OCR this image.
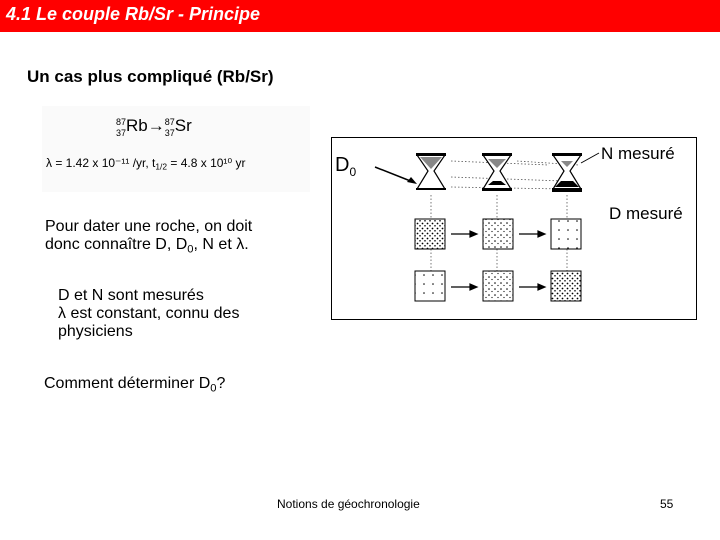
4.1 Le couple Rb/Sr - Principe
Un cas plus compliqué (Rb/Sr)
87
37Rb→87
37Sr
λ = 1.42 x 10⁻¹¹ /yr, $t_{1/2} = 4.8$ x 10¹⁰ yr	$D_0$
N mesuré
D mesuré
Pour dater une roche, on doit
donc connaître D, $D_0$, N et λ.
D et N sont mesurés
λ est constant, connu des
physiciens
Comment déterminer $D_0$?
Notions de géochronologie	55
